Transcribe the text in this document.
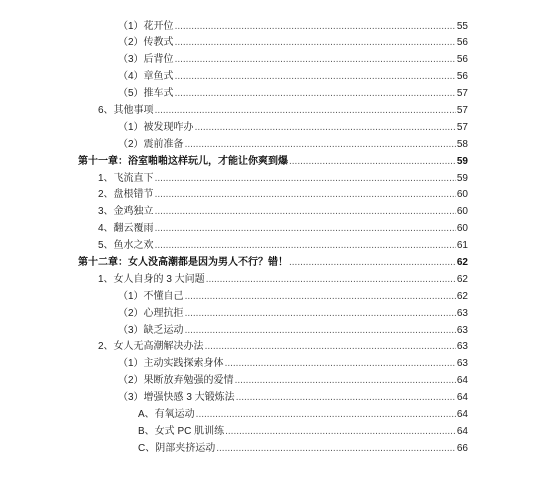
（1）花开位 .....	55
（2）传教式 .....	56
（3）后背位 .....	56
（4）章鱼式 .....	56
（5）推车式 .....	57
6、其他事项 .....	57
（1）被发现咋办 .....	57
（2）震前准备 .....	58
第十一章：浴室啪啪这样玩儿，才能让你爽到爆 .....	59
1、飞流直下 .....	59
2、盘根错节 .....	60
3、金鸡独立 .....	60
4、翻云覆雨 .....	60
5、鱼水之欢 .....	61
第十二章：女人没高潮都是因为男人不行？错！ .....	62
1、女人自身的 3 大问题 .....	62
（1）不懂自己 .....	62
（2）心理抗拒 .....	63
（3）缺乏运动 .....	63
2、女人无高潮解决办法 .....	63
（1）主动实践探索身体 .....	63
（2）果断放弃勉强的爱情 .....	64
（3）增强快感 3 大锻炼法 .....	64
A、有氧运动 .....	64
B、女式 PC 肌训练 .....	64
C、阴部夹挤运动 .....	66
